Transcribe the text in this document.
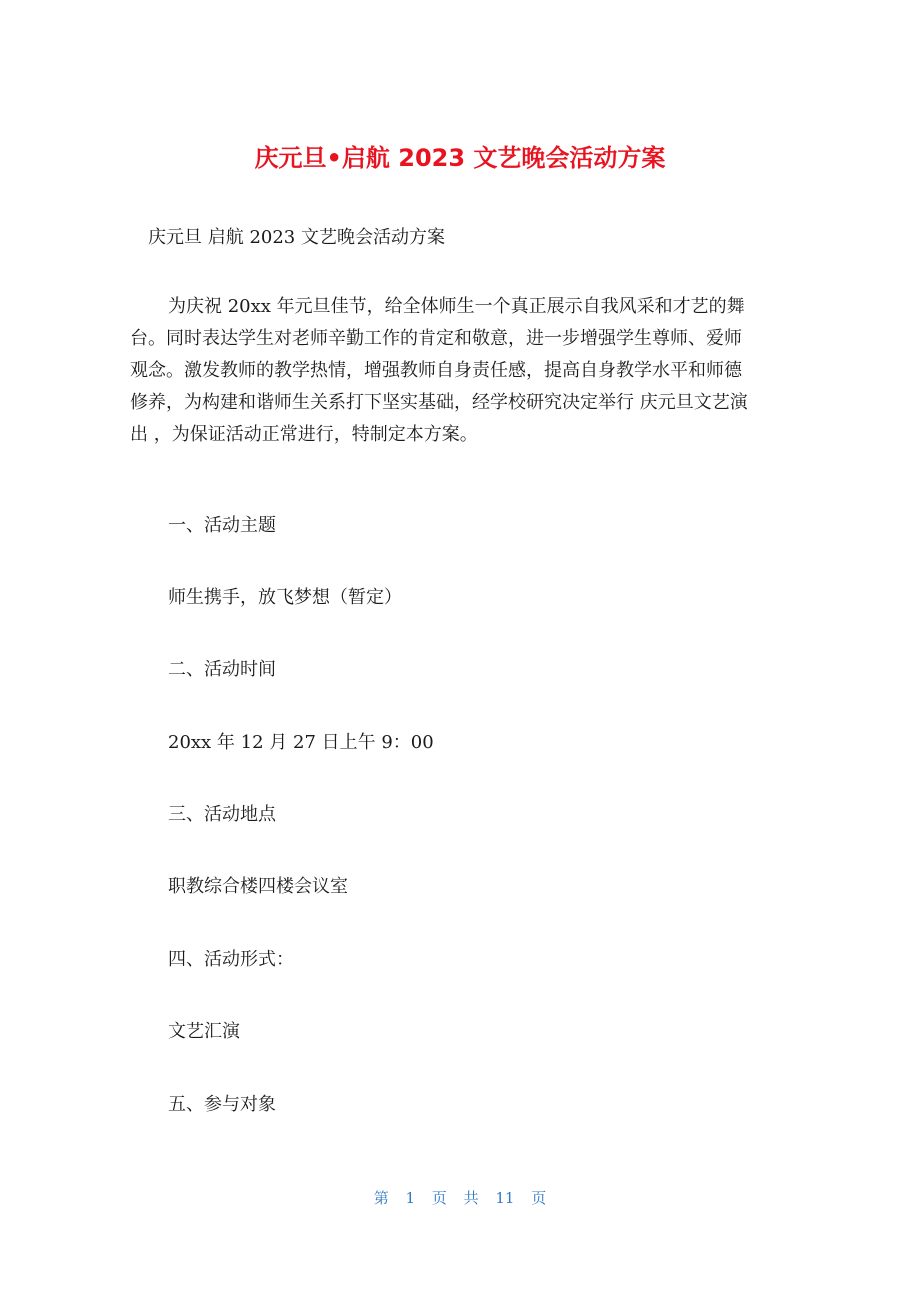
庆元旦•启航 2023 文艺晚会活动方案

庆元旦 启航 2023 文艺晚会活动方案

为庆祝 20xx 年元旦佳节，给全体师生一个真正展示自我风采和才艺的舞
台。同时表达学生对老师辛勤工作的肯定和敬意，进一步增强学生尊师、爱师
观念。激发教师的教学热情，增强教师自身责任感，提高自身教学水平和师德
修养，为构建和谐师生关系打下坚实基础，经学校研究决定举行 庆元旦文艺演
出 ，为保证活动正常进行，特制定本方案。

一、活动主题

师生携手，放飞梦想（暂定）

二、活动时间

20xx 年 12 月 27 日上午 9：00

三、活动地点

职教综合楼四楼会议室

四、活动形式：

文艺汇演

五、参与对象

第 1 页 共 11 页
